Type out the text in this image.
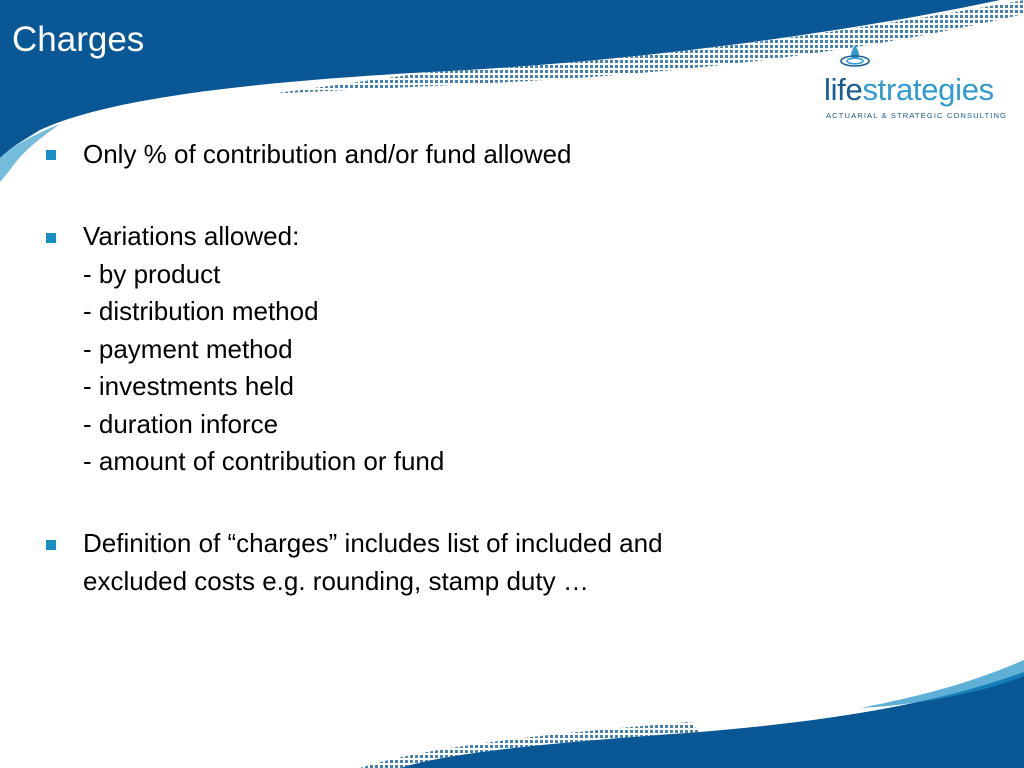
Charges
lifestrategies
ACTUARIAL & STRATEGIC CONSULTING
Only % of contribution and/or fund allowed
Variations allowed:
- by product
- distribution method
- payment method
- investments held
- duration inforce
- amount of contribution or fund
Definition of “charges” includes list of included and
excluded costs e.g. rounding, stamp duty …
